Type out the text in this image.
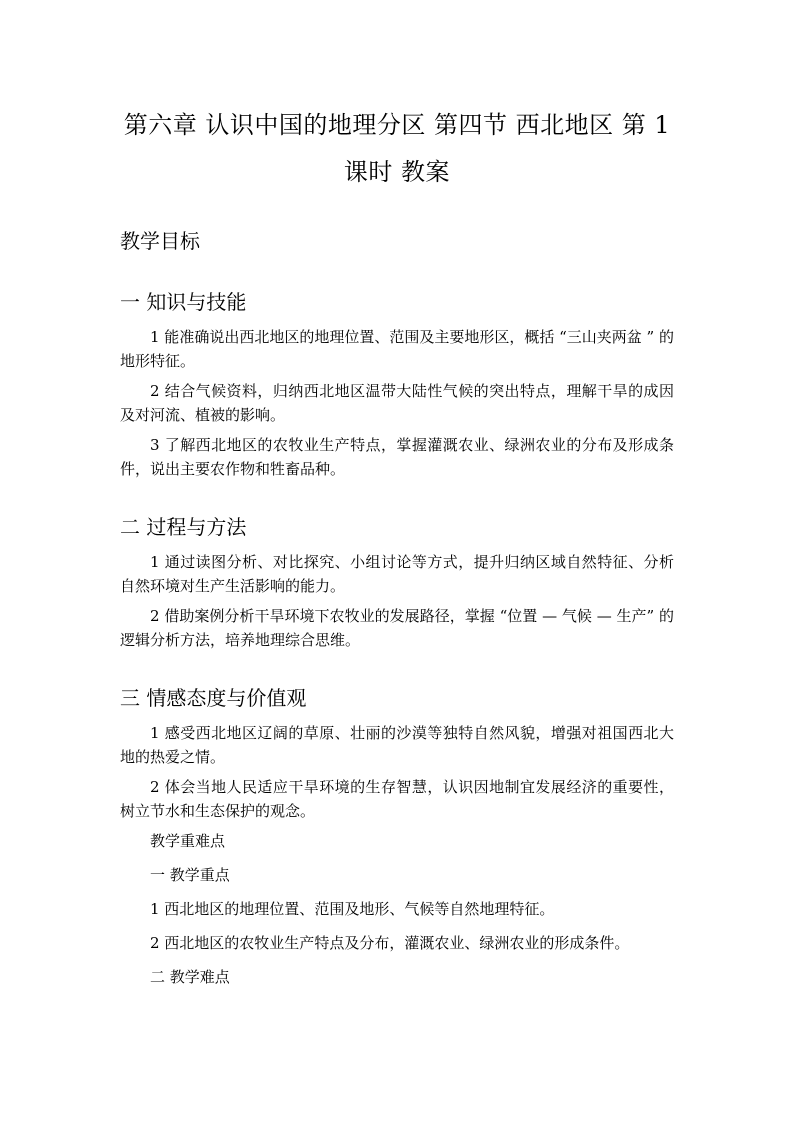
第六章 认识中国的地理分区 第四节 西北地区 第 1
课时 教案
教学目标
一 知识与技能

1 能准确说出西北地区的地理位置、范围及主要地形区，概括 “三山夹两盆 ” 的地形特征。

2 结合气候资料，归纳西北地区温带大陆性气候的突出特点，理解干旱的成因及对河流、植被的影响。

3 了解西北地区的农牧业生产特点，掌握灌溉农业、绿洲农业的分布及形成条件，说出主要农作物和牲畜品种。

二 过程与方法

1 通过读图分析、对比探究、小组讨论等方式，提升归纳区域自然特征、分析自然环境对生产生活影响的能力。

2 借助案例分析干旱环境下农牧业的发展路径，掌握 “位置 — 气候 — 生产” 的逻辑分析方法，培养地理综合思维。

三 情感态度与价值观

1 感受西北地区辽阔的草原、壮丽的沙漠等独特自然风貌，增强对祖国西北大地的热爱之情。

2 体会当地人民适应干旱环境的生存智慧，认识因地制宜发展经济的重要性，树立节水和生态保护的观念。

教学重难点

一 教学重点

1 西北地区的地理位置、范围及地形、气候等自然地理特征。

2 西北地区的农牧业生产特点及分布，灌溉农业、绿洲农业的形成条件。

二 教学难点
